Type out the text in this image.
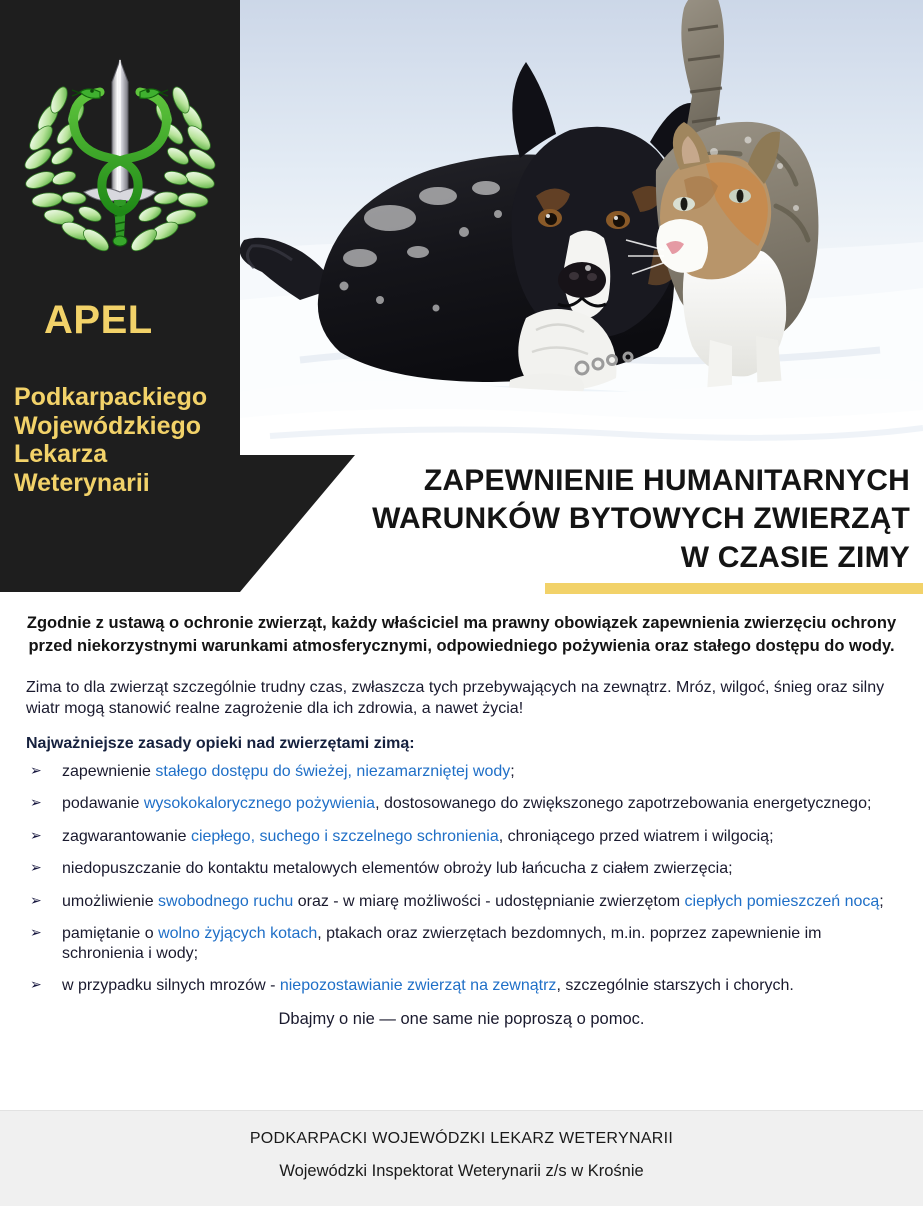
APEL
Podkarpackiego
Wojewódzkiego
Lekarza
Weterynarii	ZAPEWNIENIE HUMANITARNYCH
WARUNKÓW BYTOWYCH ZWIERZĄT
W CZASIE ZIMY

Zgodnie z ustawą o ochronie zwierząt, każdy właściciel ma prawny obowiązek zapewnienia zwierzęciu ochrony przed niekorzystnymi warunkami atmosferycznymi, odpowiedniego pożywienia oraz stałego dostępu do wody.

Zima to dla zwierząt szczególnie trudny czas, zwłaszcza tych przebywających na zewnątrz. Mróz, wilgoć, śnieg oraz silny wiatr mogą stanowić realne zagrożenie dla ich zdrowia, a nawet życia!

Najważniejsze zasady opieki nad zwierzętami zimą:

➢ zapewnienie stałego dostępu do świeżej, niezamarzniętej wody;
➢ podawanie wysokokalorycznego pożywienia, dostosowanego do zwiększonego zapotrzebowania energetycznego;
➢ zagwarantowanie ciepłego, suchego i szczelnego schronienia, chroniącego przed wiatrem i wilgocią;
➢ niedopuszczanie do kontaktu metalowych elementów obroży lub łańcucha z ciałem zwierzęcia;
➢ umożliwienie swobodnego ruchu oraz - w miarę możliwości - udostępnianie zwierzętom ciepłych pomieszczeń nocą;
➢ pamiętanie o wolno żyjących kotach, ptakach oraz zwierzętach bezdomnych, m.in. poprzez zapewnienie im schronienia i wody;
➢ w przypadku silnych mrozów - niepozostawianie zwierząt na zewnątrz, szczególnie starszych i chorych.

Dbajmy o nie — one same nie poproszą o pomoc.

PODKARPACKI WOJEWÓDZKI LEKARZ WETERYNARII
Wojewódzki Inspektorat Weterynarii z/s w Krośnie
